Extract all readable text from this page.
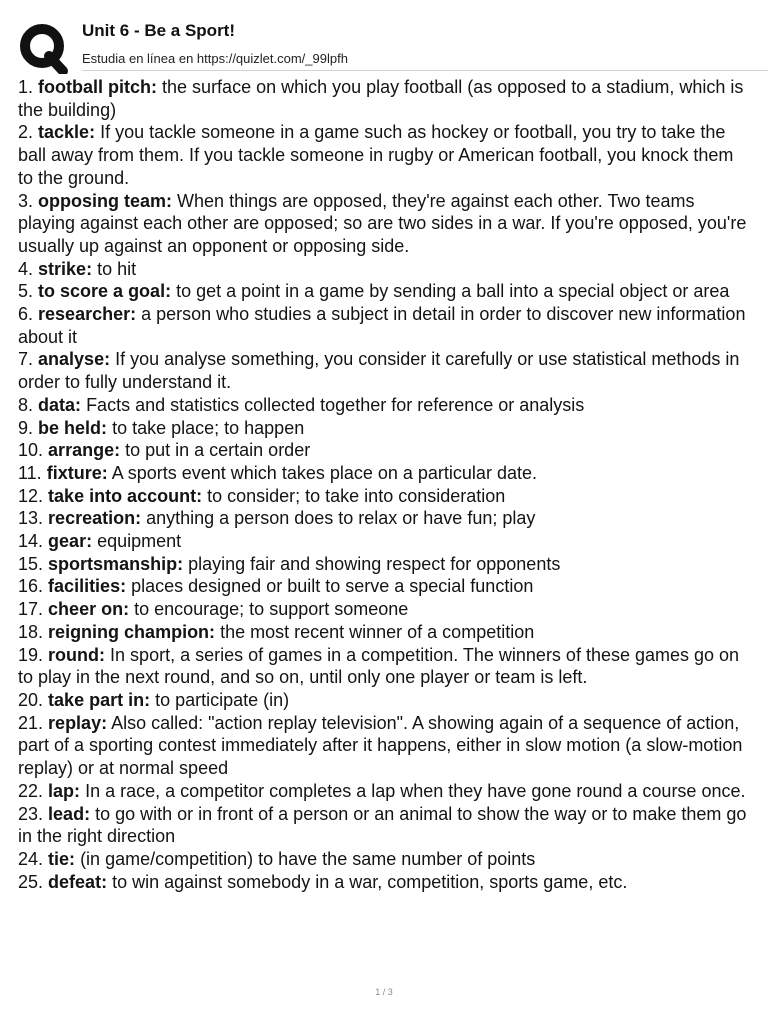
Unit 6 - Be a Sport!
Estudia en línea en https://quizlet.com/_99lpfh
1. football pitch: the surface on which you play football (as opposed to a stadium, which is the building)
2. tackle: If you tackle someone in a game such as hockey or football, you try to take the ball away from them. If you tackle someone in rugby or American football, you knock them to the ground.
3. opposing team: When things are opposed, they're against each other. Two teams playing against each other are opposed; so are two sides in a war. If you're opposed, you're usually up against an opponent or opposing side.
4. strike: to hit
5. to score a goal: to get a point in a game by sending a ball into a special object or area
6. researcher: a person who studies a subject in detail in order to discover new information about it
7. analyse: If you analyse something, you consider it carefully or use statistical methods in order to fully understand it.
8. data: Facts and statistics collected together for reference or analysis
9. be held: to take place; to happen
10. arrange: to put in a certain order
11. fixture: A sports event which takes place on a particular date.
12. take into account: to consider; to take into consideration
13. recreation: anything a person does to relax or have fun; play
14. gear: equipment
15. sportsmanship: playing fair and showing respect for opponents
16. facilities: places designed or built to serve a special function
17. cheer on: to encourage; to support someone
18. reigning champion: the most recent winner of a competition
19. round: In sport, a series of games in a competition. The winners of these games go on to play in the next round, and so on, until only one player or team is left.
20. take part in: to participate (in)
21. replay: Also called: "action replay television". A showing again of a sequence of action, part of a sporting contest immediately after it happens, either in slow motion (a slow-motion replay) or at normal speed
22. lap: In a race, a competitor completes a lap when they have gone round a course once.
23. lead: to go with or in front of a person or an animal to show the way or to make them go in the right direction
24. tie: (in game/competition) to have the same number of points
25. defeat: to win against somebody in a war, competition, sports game, etc.
1 / 3
